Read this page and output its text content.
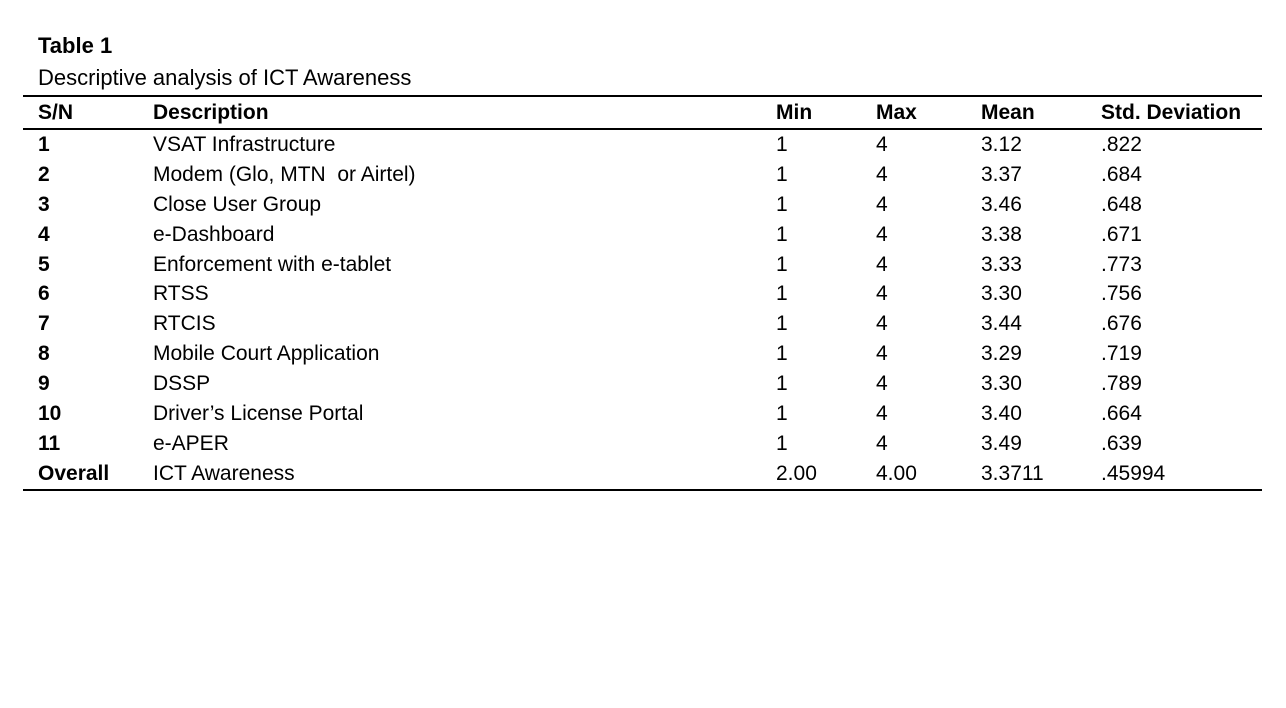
Table 1
Descriptive analysis of ICT Awareness
S/N	Description	Min	Max	Mean	Std. Deviation
1	VSAT Infrastructure	1	4	3.12	.822
2	Modem (Glo, MTN  or Airtel)	1	4	3.37	.684
3	Close User Group	1	4	3.46	.648
4	e-Dashboard	1	4	3.38	.671
5	Enforcement with e-tablet	1	4	3.33	.773
6	RTSS	1	4	3.30	.756
7	RTCIS	1	4	3.44	.676
8	Mobile Court Application	1	4	3.29	.719
9	DSSP	1	4	3.30	.789
10	Driver’s License Portal	1	4	3.40	.664
11	e-APER	1	4	3.49	.639
Overall	ICT Awareness	2.00	4.00	3.3711	.45994
